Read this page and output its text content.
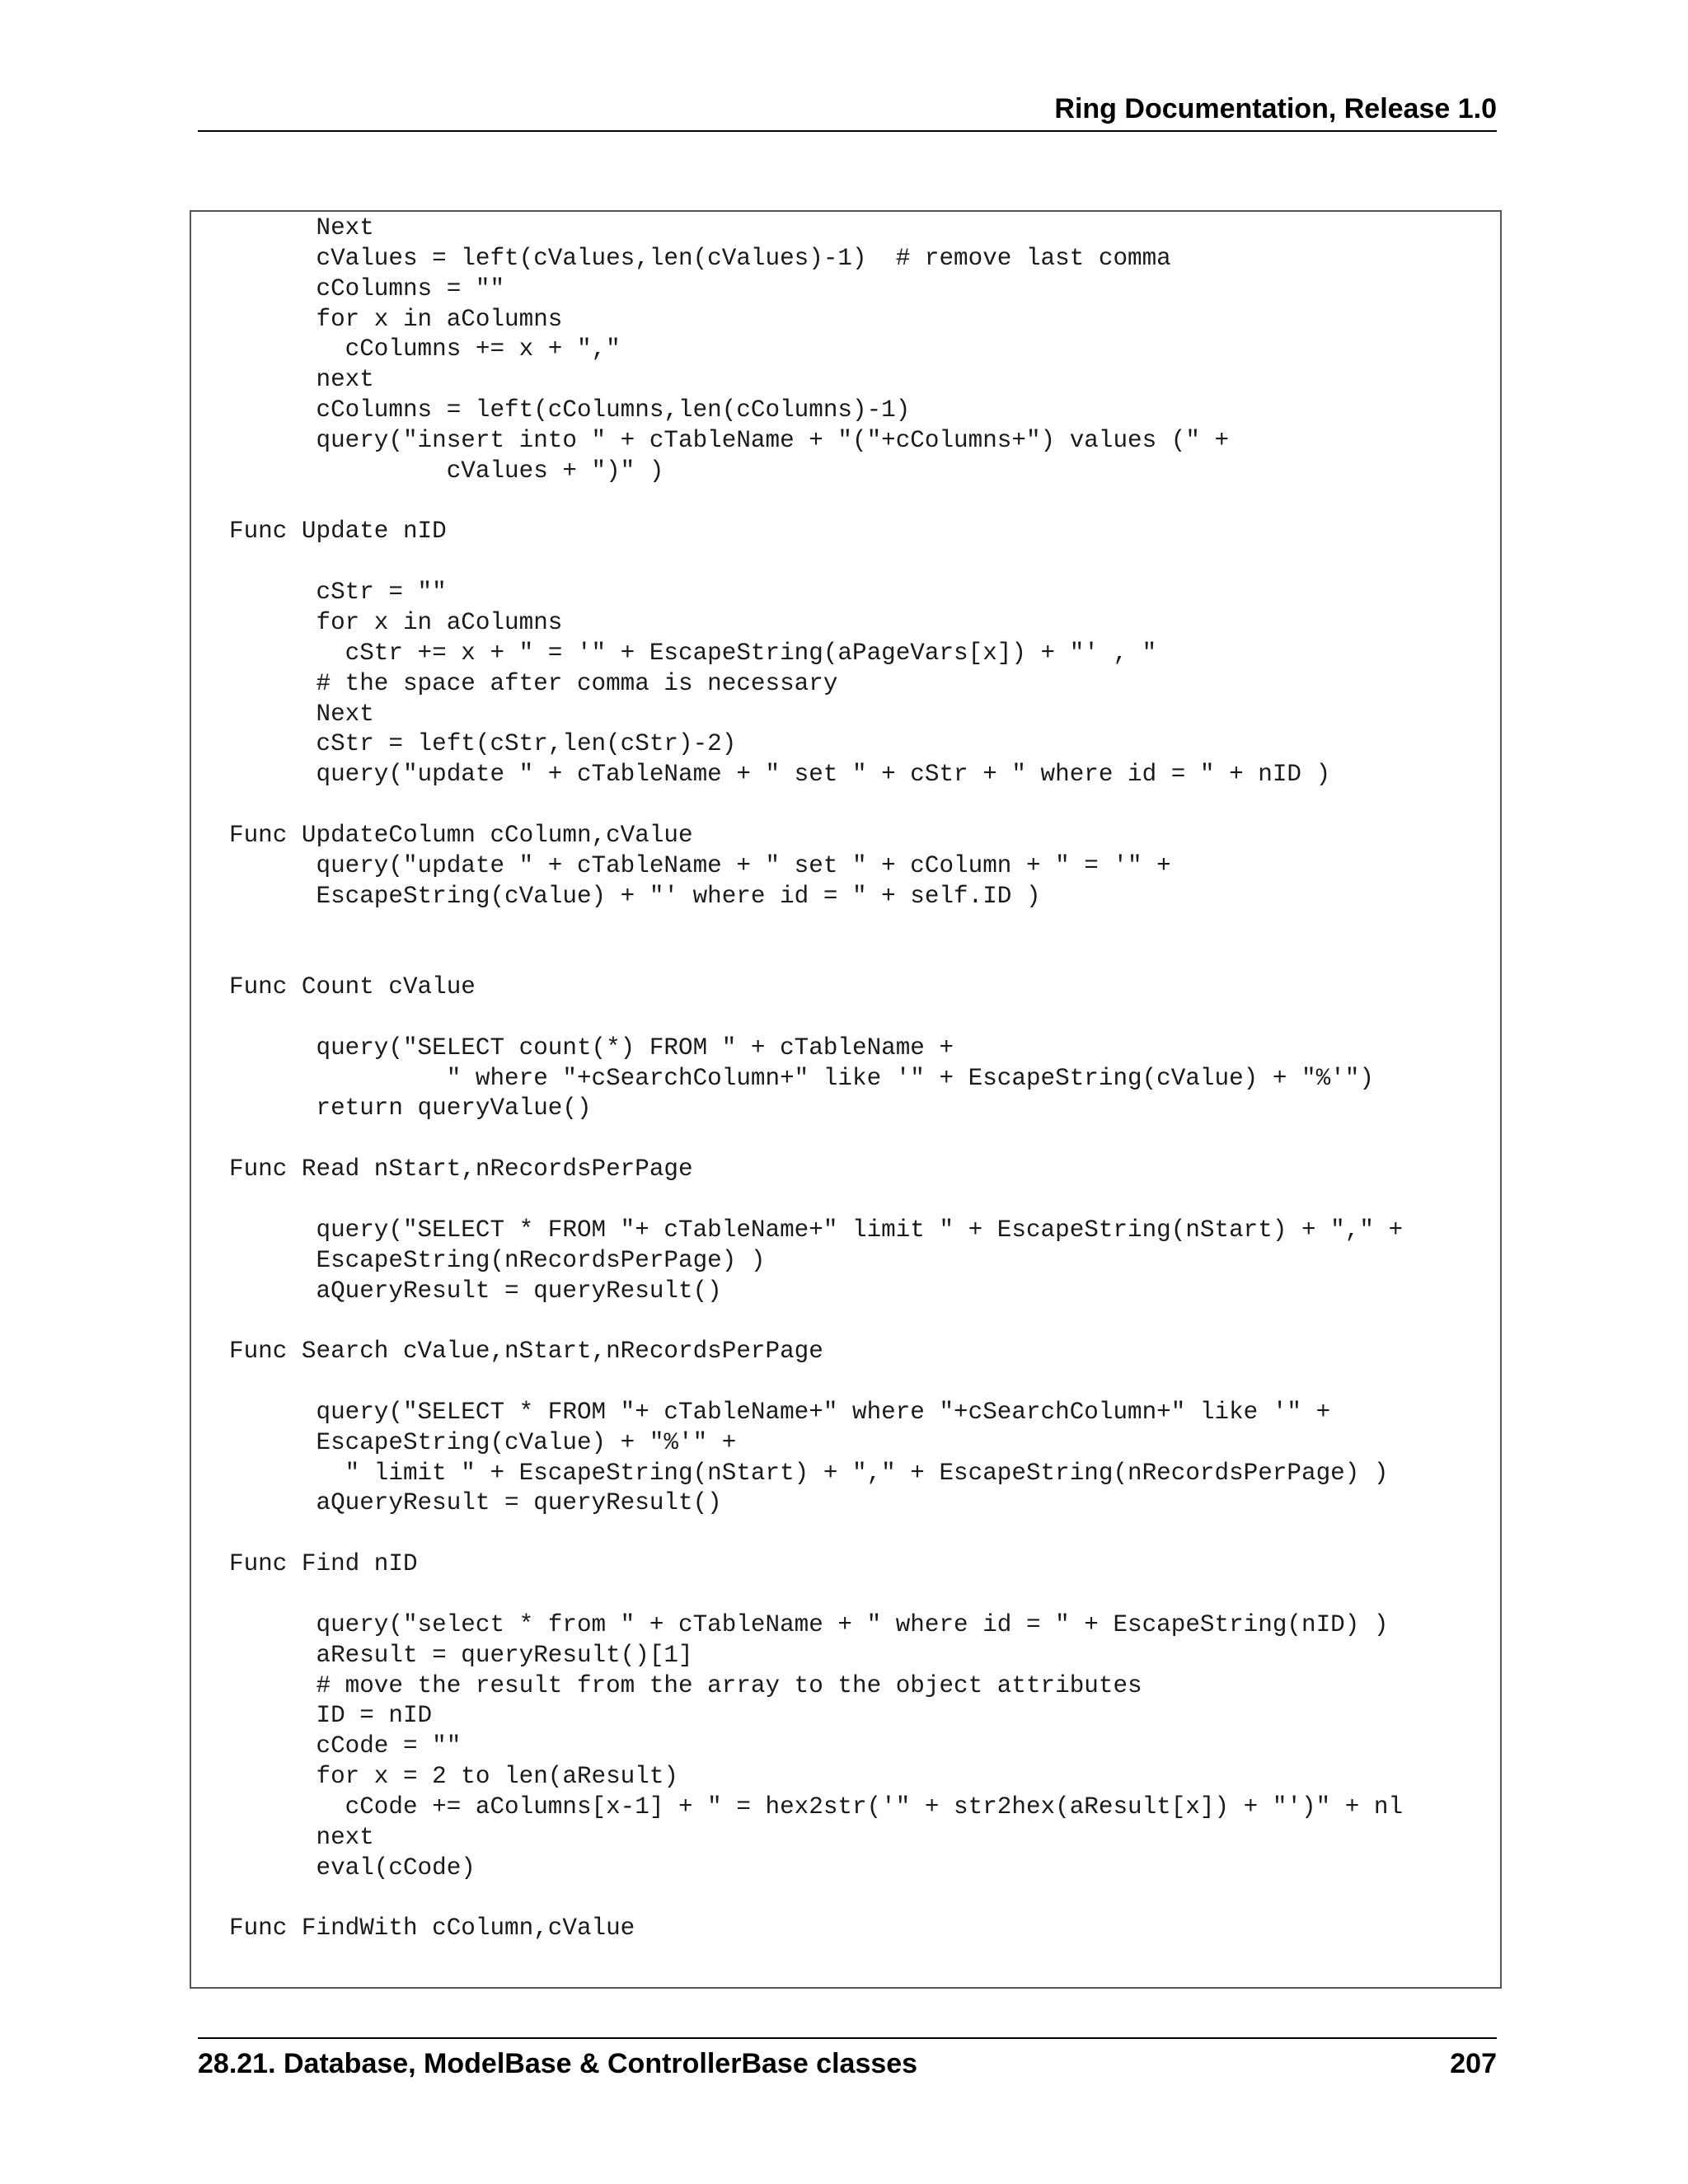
Ring Documentation, Release 1.0
Next
cValues = left(cValues,len(cValues)-1)  # remove last comma
cColumns = ""
for x in aColumns
cColumns += x + ","
next
cColumns = left(cColumns,len(cColumns)-1)
query("insert into " + cTableName + "("+cColumns+") values (" +
cValues + ")" )
Func Update nID
cStr = ""
for x in aColumns
cStr += x + " = '" + EscapeString(aPageVars[x]) + "' , "
# the space after comma is necessary
Next
cStr = left(cStr,len(cStr)-2)
query("update " + cTableName + " set " + cStr + " where id = " + nID )
Func UpdateColumn cColumn,cValue
query("update " + cTableName + " set " + cColumn + " = '" +
EscapeString(cValue) + "' where id = " + self.ID )
Func Count cValue
query("SELECT count(*) FROM " + cTableName +
" where "+cSearchColumn+" like '" + EscapeString(cValue) + "%'")
return queryValue()
Func Read nStart,nRecordsPerPage
query("SELECT * FROM "+ cTableName+" limit " + EscapeString(nStart) + "," +
EscapeString(nRecordsPerPage) )
aQueryResult = queryResult()
Func Search cValue,nStart,nRecordsPerPage
query("SELECT * FROM "+ cTableName+" where "+cSearchColumn+" like '" +
EscapeString(cValue) + "%'" +
" limit " + EscapeString(nStart) + "," + EscapeString(nRecordsPerPage) )
aQueryResult = queryResult()
Func Find nID
query("select * from " + cTableName + " where id = " + EscapeString(nID) )
aResult = queryResult()[1]
# move the result from the array to the object attributes
ID = nID
cCode = ""
for x = 2 to len(aResult)
cCode += aColumns[x-1] + " = hex2str('" + str2hex(aResult[x]) + "')" + nl
next
eval(cCode)
Func FindWith cColumn,cValue
28.21. Database, ModelBase & ControllerBase classes	207
